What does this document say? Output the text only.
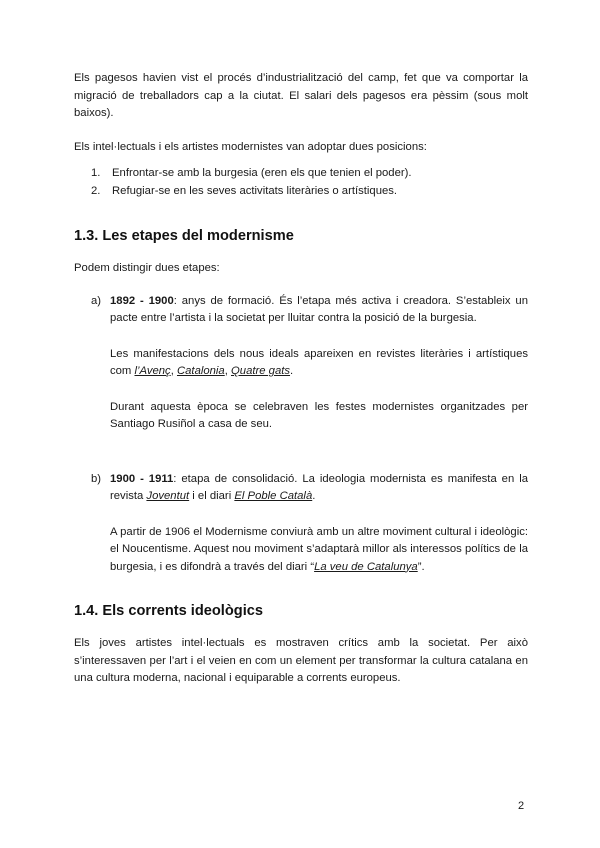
Els pagesos havien vist el procés d’industrialització del camp, fet que va comportar la migració de treballadors cap a la ciutat. El salari dels pagesos era pèssim (sous molt baixos).

Els intel·lectuals i els artistes modernistes van adoptar dues posicions:

1. Enfrontar-se amb la burgesia (eren els que tenien el poder).
2. Refugiar-se en les seves activitats literàries o artístiques.
1.3. Les etapes del modernisme

Podem distingir dues etapes:

a) 1892 - 1900: anys de formació. És l’etapa més activa i creadora. S’estableix un pacte entre l’artista i la societat per lluitar contra la posició de la burgesia.

Les manifestacions dels nous ideals apareixen en revistes literàries i artístiques com l’Avenç, Catalonia, Quatre gats.

Durant aquesta època se celebraven les festes modernistes organitzades per Santiago Rusiñol a casa de seu.

b) 1900 - 1911: etapa de consolidació. La ideologia modernista es manifesta en la revista Joventut i el diari El Poble Català.

A partir de 1906 el Modernisme conviurà amb un altre moviment cultural i ideològic: el Noucentisme. Aquest nou moviment s’adaptarà millor als interessos polítics de la burgesia, i es difondrà a través del diari “La veu de Catalunya”.

1.4. Els corrents ideològics

Els joves artistes intel·lectuals es mostraven crítics amb la societat. Per això s’interessaven per l’art i el veien en com un element per transformar la cultura catalana en una cultura moderna, nacional i equiparable a corrents europeus.

2
